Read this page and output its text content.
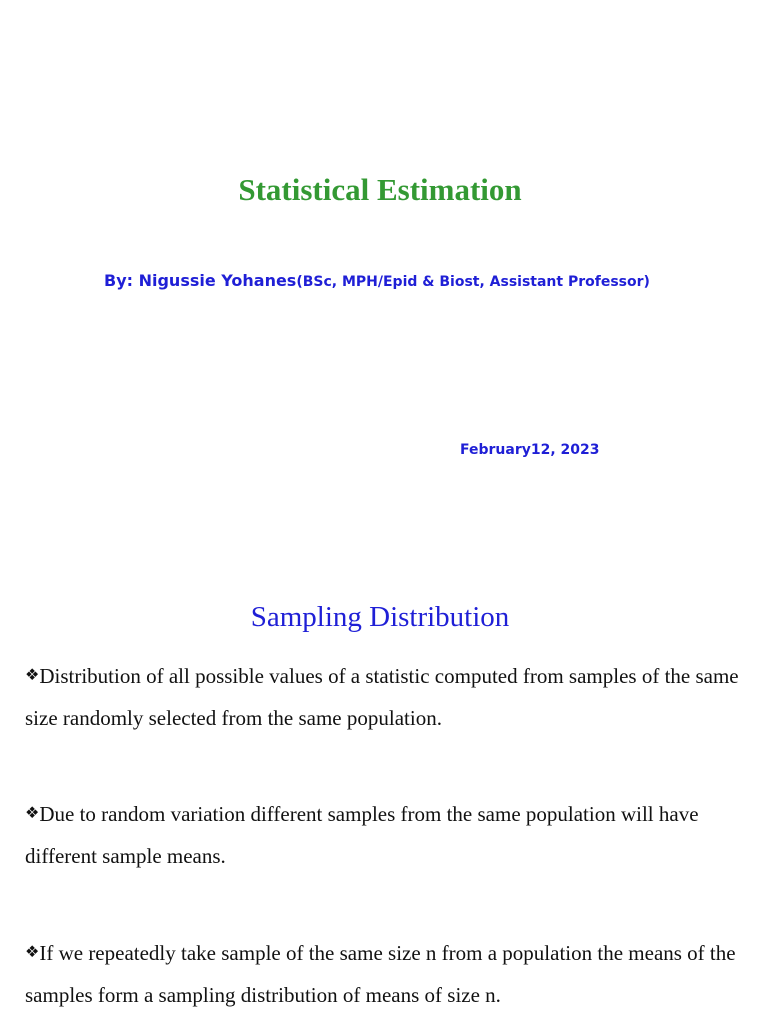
Statistical Estimation
By: Nigussie Yohanes(BSc, MPH/Epid & Biost, Assistant Professor)
February12, 2023
Sampling Distribution
❖Distribution of all possible values of a statistic computed from samples of the same size randomly selected from the same population.
❖Due to random variation different samples from the same population will have different sample means.
❖If we repeatedly take sample of the same size n from a population the means of the samples form a sampling distribution of means of size n.
